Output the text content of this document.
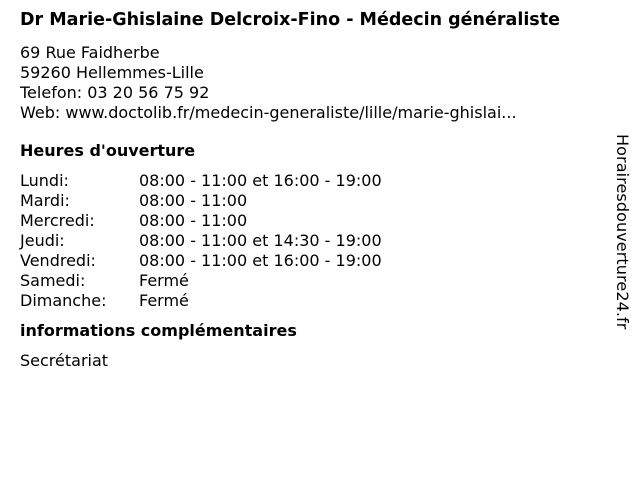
Dr Marie-Ghislaine Delcroix-Fino - Médecin généraliste
69 Rue Faidherbe
59260 Hellemmes-Lille
Telefon: 03 20 56 75 92
Web: www.doctolib.fr/medecin-generaliste/lille/marie-ghislai...
Heures d'ouverture
Lundi:	08:00 - 11:00 et 16:00 - 19:00
Mardi:	08:00 - 11:00
Mercredi:	08:00 - 11:00
Jeudi:	08:00 - 11:00 et 14:30 - 19:00
Vendredi:	08:00 - 11:00 et 16:00 - 19:00
Samedi:	Fermé
Dimanche:	Fermé
informations complémentaires
Secrétariat
Horairesdouverture24.fr
